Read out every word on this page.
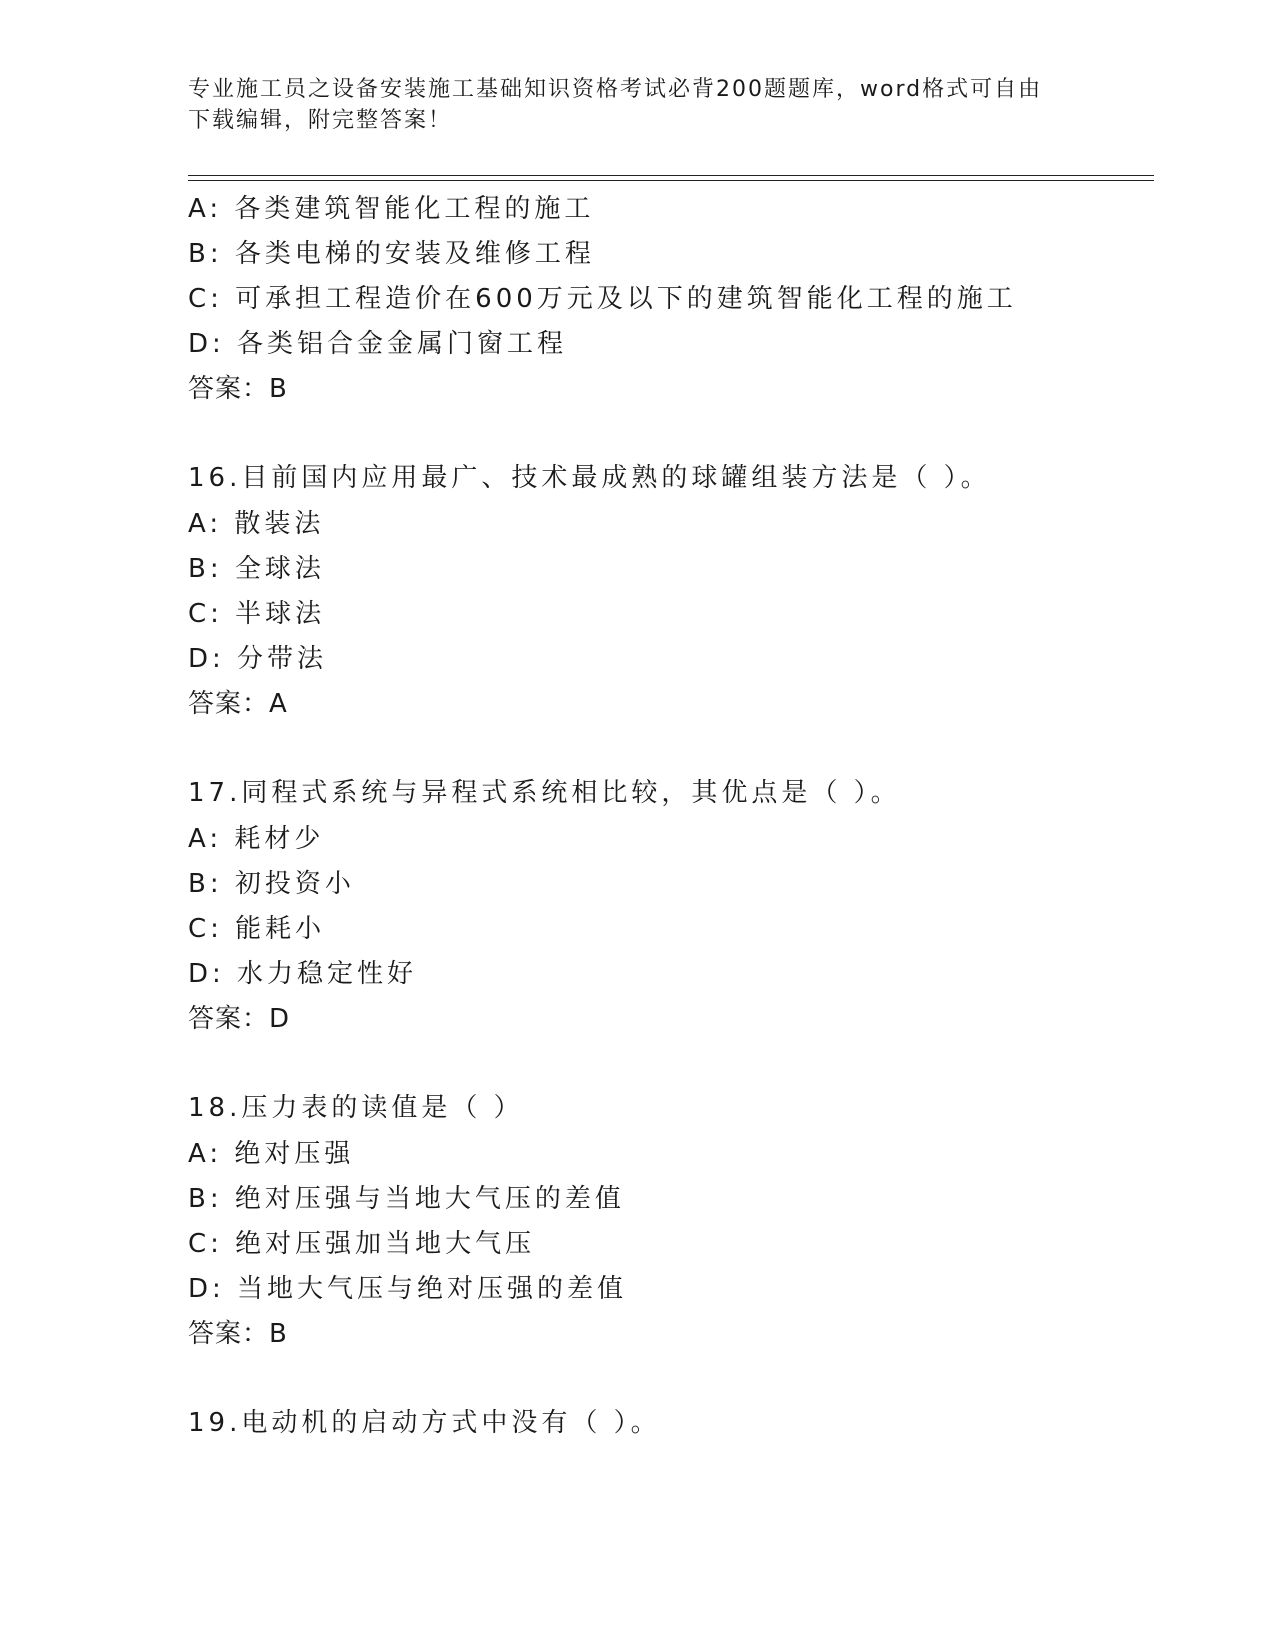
专业施工员之设备安装施工基础知识资格考试必背200题题库，word格式可自由
下载编辑，附完整答案！
A: 各类建筑智能化工程的施工
B: 各类电梯的安装及维修工程
C: 可承担工程造价在600万元及以下的建筑智能化工程的施工
D: 各类铝合金金属门窗工程
答案：B
16.目前国内应用最广、技术最成熟的球罐组装方法是（ ）。
A: 散装法
B: 全球法
C: 半球法
D: 分带法
答案：A
17.同程式系统与异程式系统相比较，其优点是（ ）。
A: 耗材少
B: 初投资小
C: 能耗小
D: 水力稳定性好
答案：D
18.压力表的读值是（ ）
A: 绝对压强
B: 绝对压强与当地大气压的差值
C: 绝对压强加当地大气压
D: 当地大气压与绝对压强的差值
答案：B
19.电动机的启动方式中没有（ ）。
